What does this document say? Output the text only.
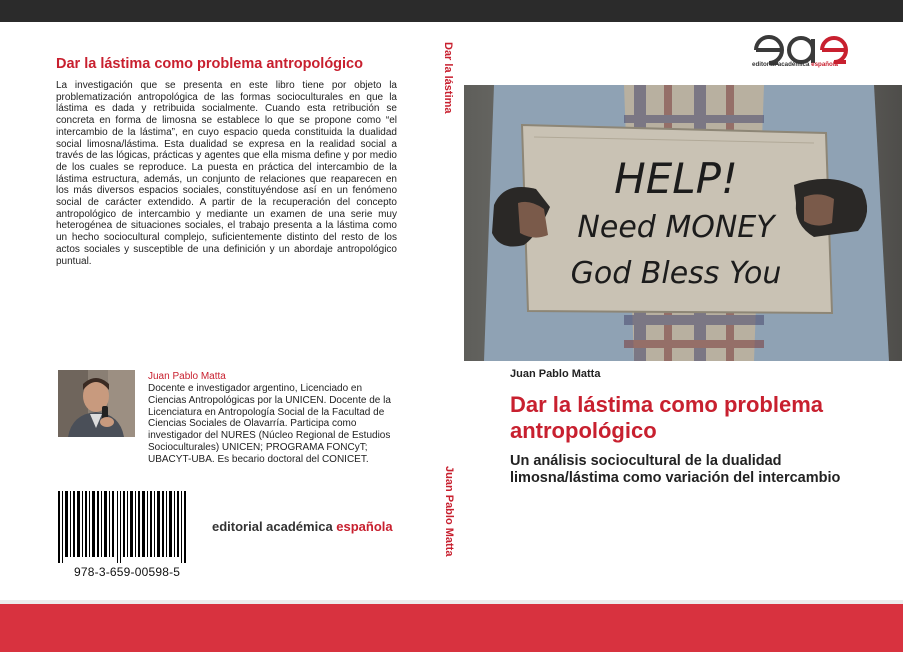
Dar la lástima como problema antropológico
La investigación que se presenta en este libro tiene por objeto la problematización antropológica de las formas socioculturales en que la lástima es dada y retribuida socialmente. Cuando esta retribución se concreta en forma de limosna se establece lo que se propone como “el intercambio de la lástima”, en cuyo espacio queda constituida la dualidad social limosna/lástima. Esta dualidad se expresa en la realidad social a través de las lógicas, prácticas y agentes que ella misma define y por medio de los cuales se reproduce. La puesta en práctica del intercambio de la lástima estructura, además, un conjunto de relaciones que reaparecen en los más diversos espacios sociales, constituyéndose así en un fenómeno social de carácter extendido. A partir de la recuperación del concepto antropológico de intercambio y mediante un examen de una serie muy heterogénea de situaciones sociales, el trabajo presenta a la lástima como un hecho sociocultural complejo, suficientemente distinto del resto de los actos sociales y susceptible de una definición y un abordaje antropológico puntual.
Juan Pablo Matta
Docente e investigador argentino, Licenciado en Ciencias Antropológicas por la UNICEN. Docente de la Licenciatura en Antropología Social de la Facultad de Ciencias Sociales de Olavarría. Participa como investigador del NURES (Núcleo Regional de Estudios Socioculturales) UNICEN; PROGRAMA FONCyT; UBACYT-UBA. Es becario doctoral del CONICET.
978-3-659-00598-5
editorial académica española
Dar la lástima
Juan Pablo Matta
editorial académica española
HELP!
Need MONEY
God Bless You
Juan Pablo Matta
Dar la lástima como problema antropológico
Un análisis sociocultural de la dualidad limosna/lástima como variación del intercambio
